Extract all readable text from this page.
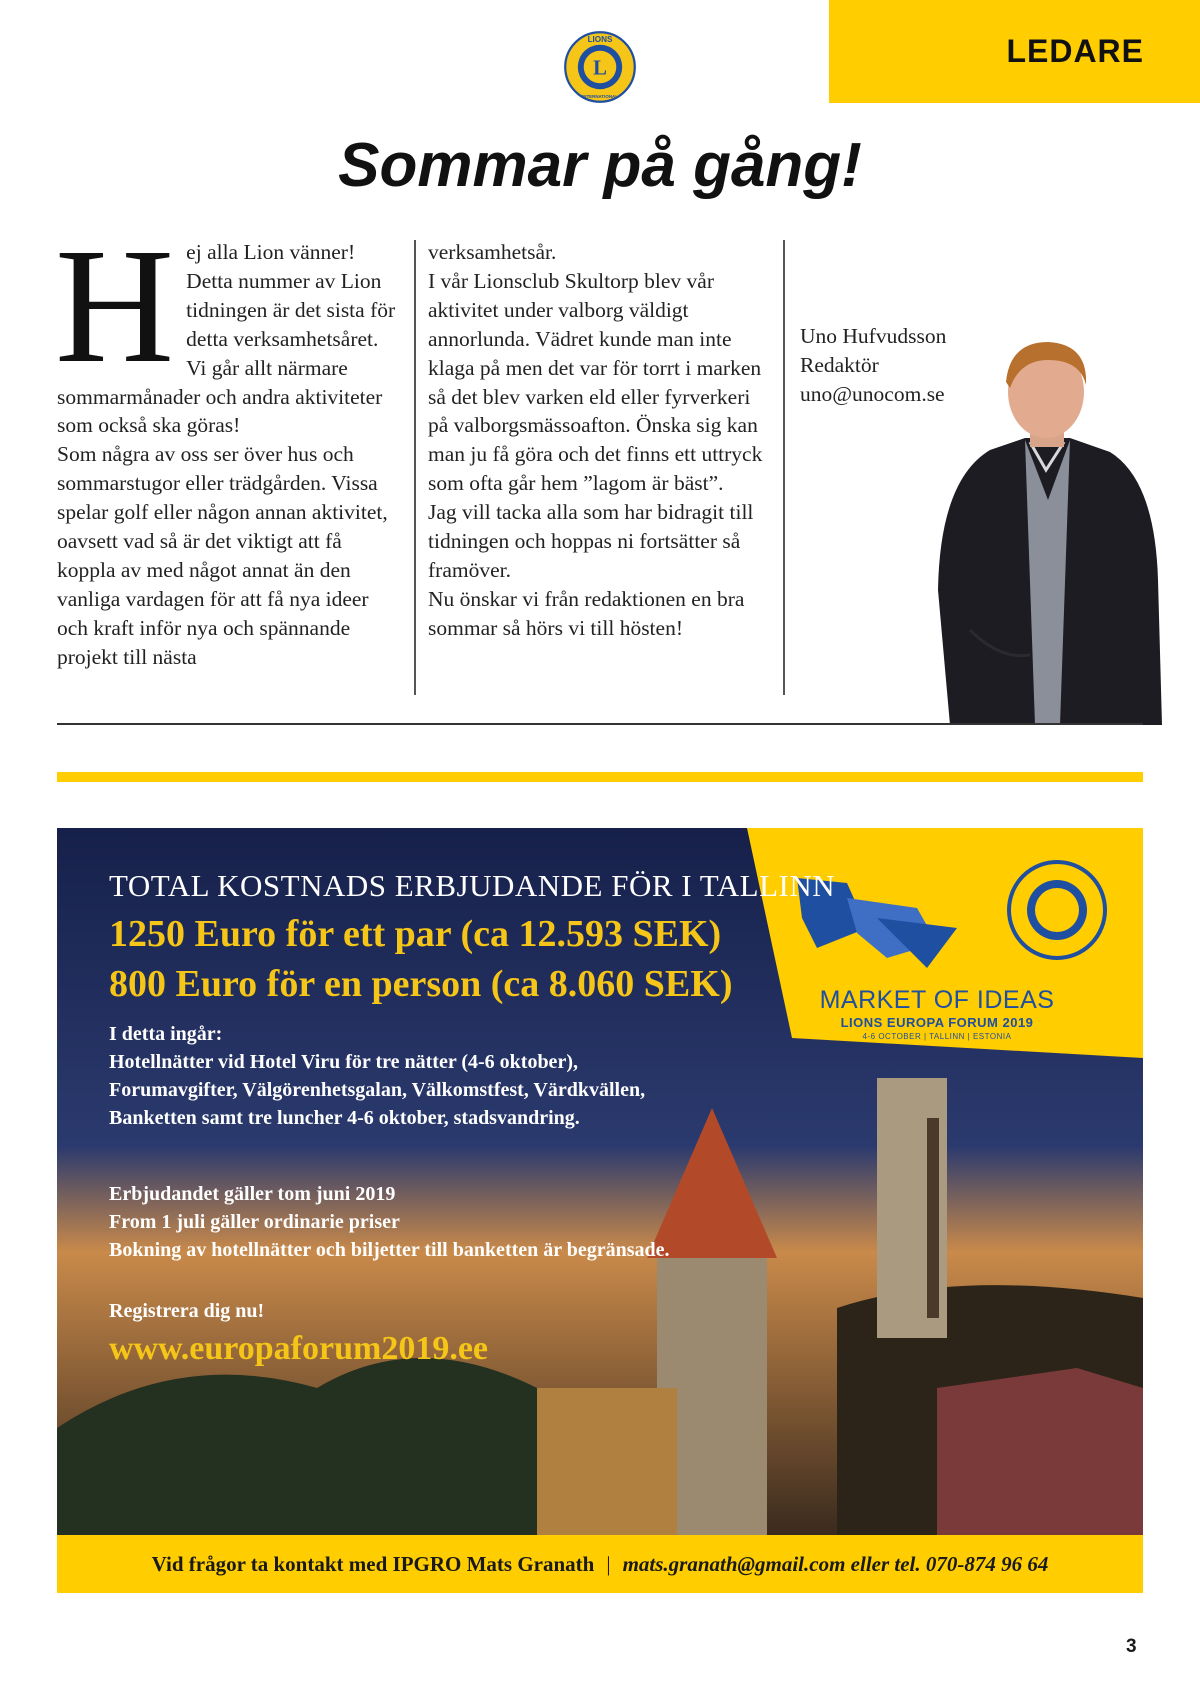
LEDARE
L
LIONS
INTERNATIONAL
Sommar på gång!
H ej alla Lion vänner! Detta nummer av Lion tidningen är det sista för detta verksamhetsåret.

Vi går allt närmare sommarmånader och andra aktiviteter som också ska göras!

Som några av oss ser över hus och sommarstugor eller trädgården. Vissa spelar golf eller någon annan aktivitet, oavsett vad så är det viktigt att få koppla av med något annat än den vanliga vardagen för att få nya ideer och kraft inför nya och spännande projekt till nästa

verksamhetsår.

I vår Lionsclub Skultorp blev vår aktivitet under valborg väldigt annorlunda. Vädret kunde man inte klaga på men det var för torrt i marken så det blev varken eld eller fyrverkeri på valborgsmässoafton. Önska sig kan man ju få göra och det finns ett uttryck som ofta går hem ”lagom är bäst”.

Jag vill tacka alla som har bidragit till tidningen och hoppas ni fortsätter så framöver.

Nu önskar vi från redaktionen en bra sommar så hörs vi till hösten!

Uno Hufvudsson
Redaktör
uno@unocom.se
TOTAL KOSTNADS ERBJUDANDE FÖR I TALLINN
1250 Euro för ett par (ca 12.593 SEK)
800 Euro för en person (ca 8.060 SEK)
I detta ingår:
Hotellnätter vid Hotel Viru för tre nätter (4-6 oktober),
Forumavgifter, Välgörenhetsgalan, Välkomstfest, Värdkvällen,
Banketten samt tre luncher 4-6 oktober, stadsvandring.
Erbjudandet gäller tom juni 2019
From 1 juli gäller ordinarie priser
Bokning av hotellnätter och biljetter till banketten är begränsade.
Registrera dig nu!
www.europaforum2019.ee
MARKET OF IDEAS
LIONS EUROPA FORUM 2019
4-6 OCTOBER | TALLINN | ESTONIA
Vid frågor ta kontakt med IPGRO Mats Granath | mats.granath@gmail.com eller tel. 070-874 96 64
3
